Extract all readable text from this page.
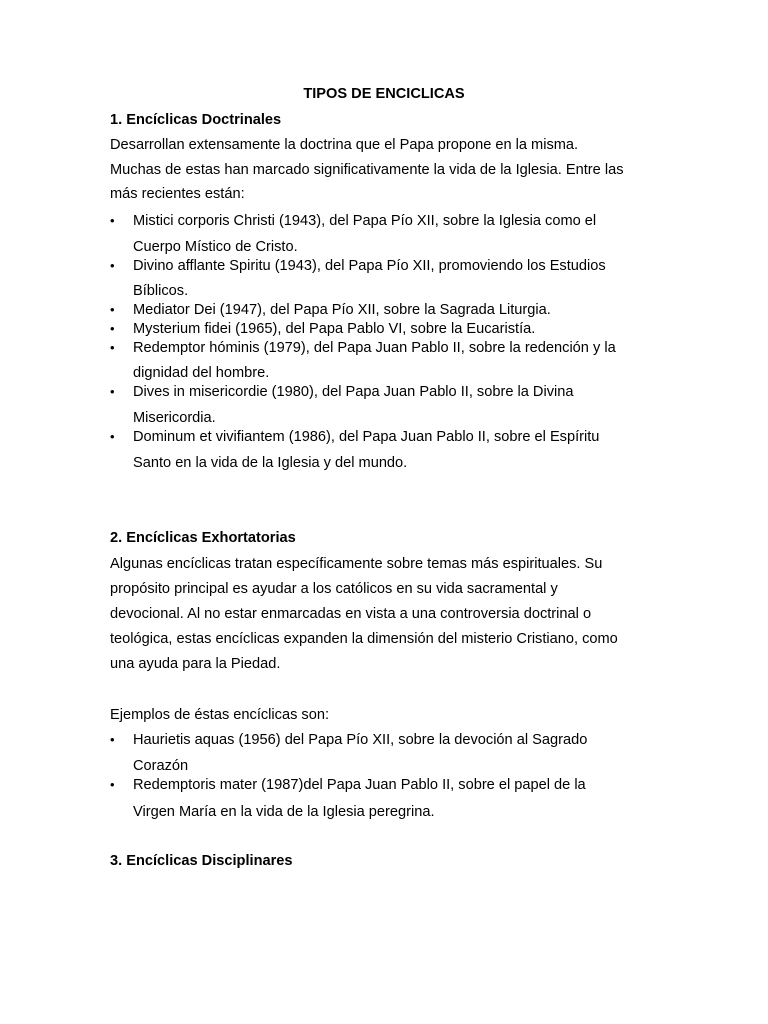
TIPOS DE ENCICLICAS
1. Encíclicas Doctrinales
Desarrollan extensamente la doctrina que el Papa propone en la misma.
Muchas de estas han marcado significativamente la vida de la Iglesia. Entre las
más recientes están:
• Mistici corporis Christi (1943), del Papa Pío XII, sobre la Iglesia como el
Cuerpo Místico de Cristo.
• Divino afflante Spiritu (1943), del Papa Pío XII, promoviendo los Estudios
Bíblicos.
• Mediator Dei (1947), del Papa Pío XII, sobre la Sagrada Liturgia.
• Mysterium fidei (1965), del Papa Pablo VI, sobre la Eucaristía.
• Redemptor hóminis (1979), del Papa Juan Pablo II, sobre la redención y la
dignidad del hombre.
• Dives in misericordie (1980), del Papa Juan Pablo II, sobre la Divina
Misericordia.
• Dominum et vivifiantem (1986), del Papa Juan Pablo II, sobre el Espíritu
Santo en la vida de la Iglesia y del mundo.
2. Encíclicas Exhortatorias
Algunas encíclicas tratan específicamente sobre temas más espirituales. Su
propósito principal es ayudar a los católicos en su vida sacramental y
devocional. Al no estar enmarcadas en vista a una controversia doctrinal o
teológica, estas encíclicas expanden la dimensión del misterio Cristiano, como
una ayuda para la Piedad.
Ejemplos de éstas encíclicas son:
• Haurietis aquas (1956) del Papa Pío XII, sobre la devoción al Sagrado
Corazón
• Redemptoris mater (1987)del Papa Juan Pablo II, sobre el papel de la
Virgen María en la vida de la Iglesia peregrina.
3. Encíclicas Disciplinares
